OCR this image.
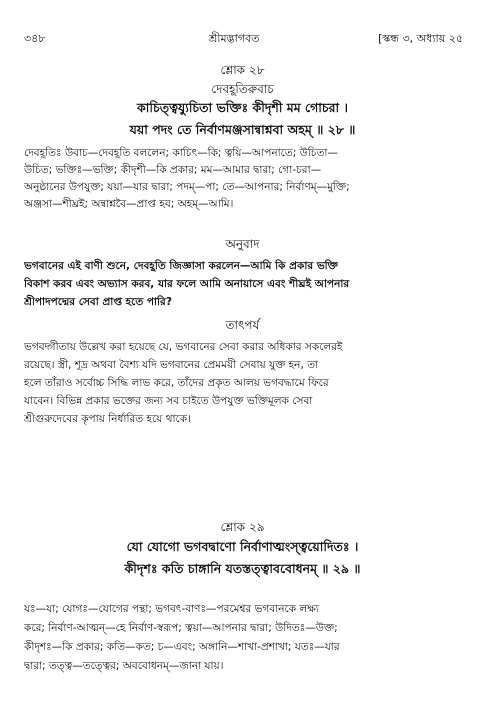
৩৪৮	শ্রীমদ্ভাগবত	[স্কন্ধ ৩, অধ্যায় ২৫
শ্লোক ২৮
দেবহূতিরুবাচ
কাচিত্ত্বয্যুচিতা ভক্তিঃ কীদৃশী মম গোচরা ।
যয়া পদং তে নির্বাণমঞ্জসান্বাশ্নবা অহম্ ॥ ২৮ ॥

দেবহূতিঃ উবাচ—দেবহূতি বললেন; কাচিৎ—কি; ত্বয়ি—আপনাতে; উচিতা—

উচিত; ভক্তিঃ—ভক্তি; কীদৃশী—কি প্রকার; মম—আমার দ্বারা; গো-চরা—

অনুষ্ঠানের উপযুক্ত; যয়া—যার দ্বারা; পদম্—পা; তে—আপনার; নির্বাণম্—মুক্তি;

অঞ্জসা—শীঘ্রই; অন্বাশ্নবৈ—প্রাপ্ত হব; অহম্—আমি।

অনুবাদ

ভগবানের এই বাণী শুনে, দেবহূতি জিজ্ঞাসা করলেন—আমি কি প্রকার ভক্তি

বিকাশ করব এবং অভ্যাস করব, যার ফলে আমি অনায়াসে এবং শীঘ্রই আপনার

শ্রীপাদপদ্মের সেবা প্রাপ্ত হতে পারি?

তাৎপর্য

ভগবদ্গীতায় উল্লেখ করা হয়েছে যে, ভগবানের সেবা করার অধিকার সকলেরই

রয়েছে। স্ত্রী, শূদ্র অথবা বৈশ্য যদি ভগবানের প্রেমময়ী সেবায় যুক্ত হন, তা

হলে তাঁরাও সর্বোচ্চ সিদ্ধি লাভ করে, তাঁদের প্রকৃত আলয় ভগবদ্ধামে ফিরে

যাবেন। বিভিন্ন প্রকার ভক্তের জন্য সব চাইতে উপযুক্ত ভক্তিমূলক সেবা

শ্রীগুরুদেবের কৃপায় নির্ধারিত হয়ে থাকে।

শ্লোক ২৯
যো যোগো ভগবদ্বাণো নির্বাণাত্মংস্ত্বয়োদিতঃ ।
কীদৃশঃ কতি চাঙ্গানি যতস্তত্ত্বাববোধনম্ ॥ ২৯ ॥

যঃ—যা; যোগঃ—যোগের পন্থা; ভগবৎ-বাণঃ—পরমেশ্বর ভগবানকে লক্ষ্য

করে; নির্বাণ-আত্মন্—হে নির্বাণ-স্বরূপ; ত্বয়া—আপনার দ্বারা; উদিতঃ—উক্ত;

কীদৃশঃ—কি প্রকার; কতি—কত; চ—এবং; অঙ্গানি—শাখা-প্রশাখা; যতঃ—যার

দ্বারা; তত্ত্ব—তত্ত্বের; অববোধনম্—জানা যায়।
